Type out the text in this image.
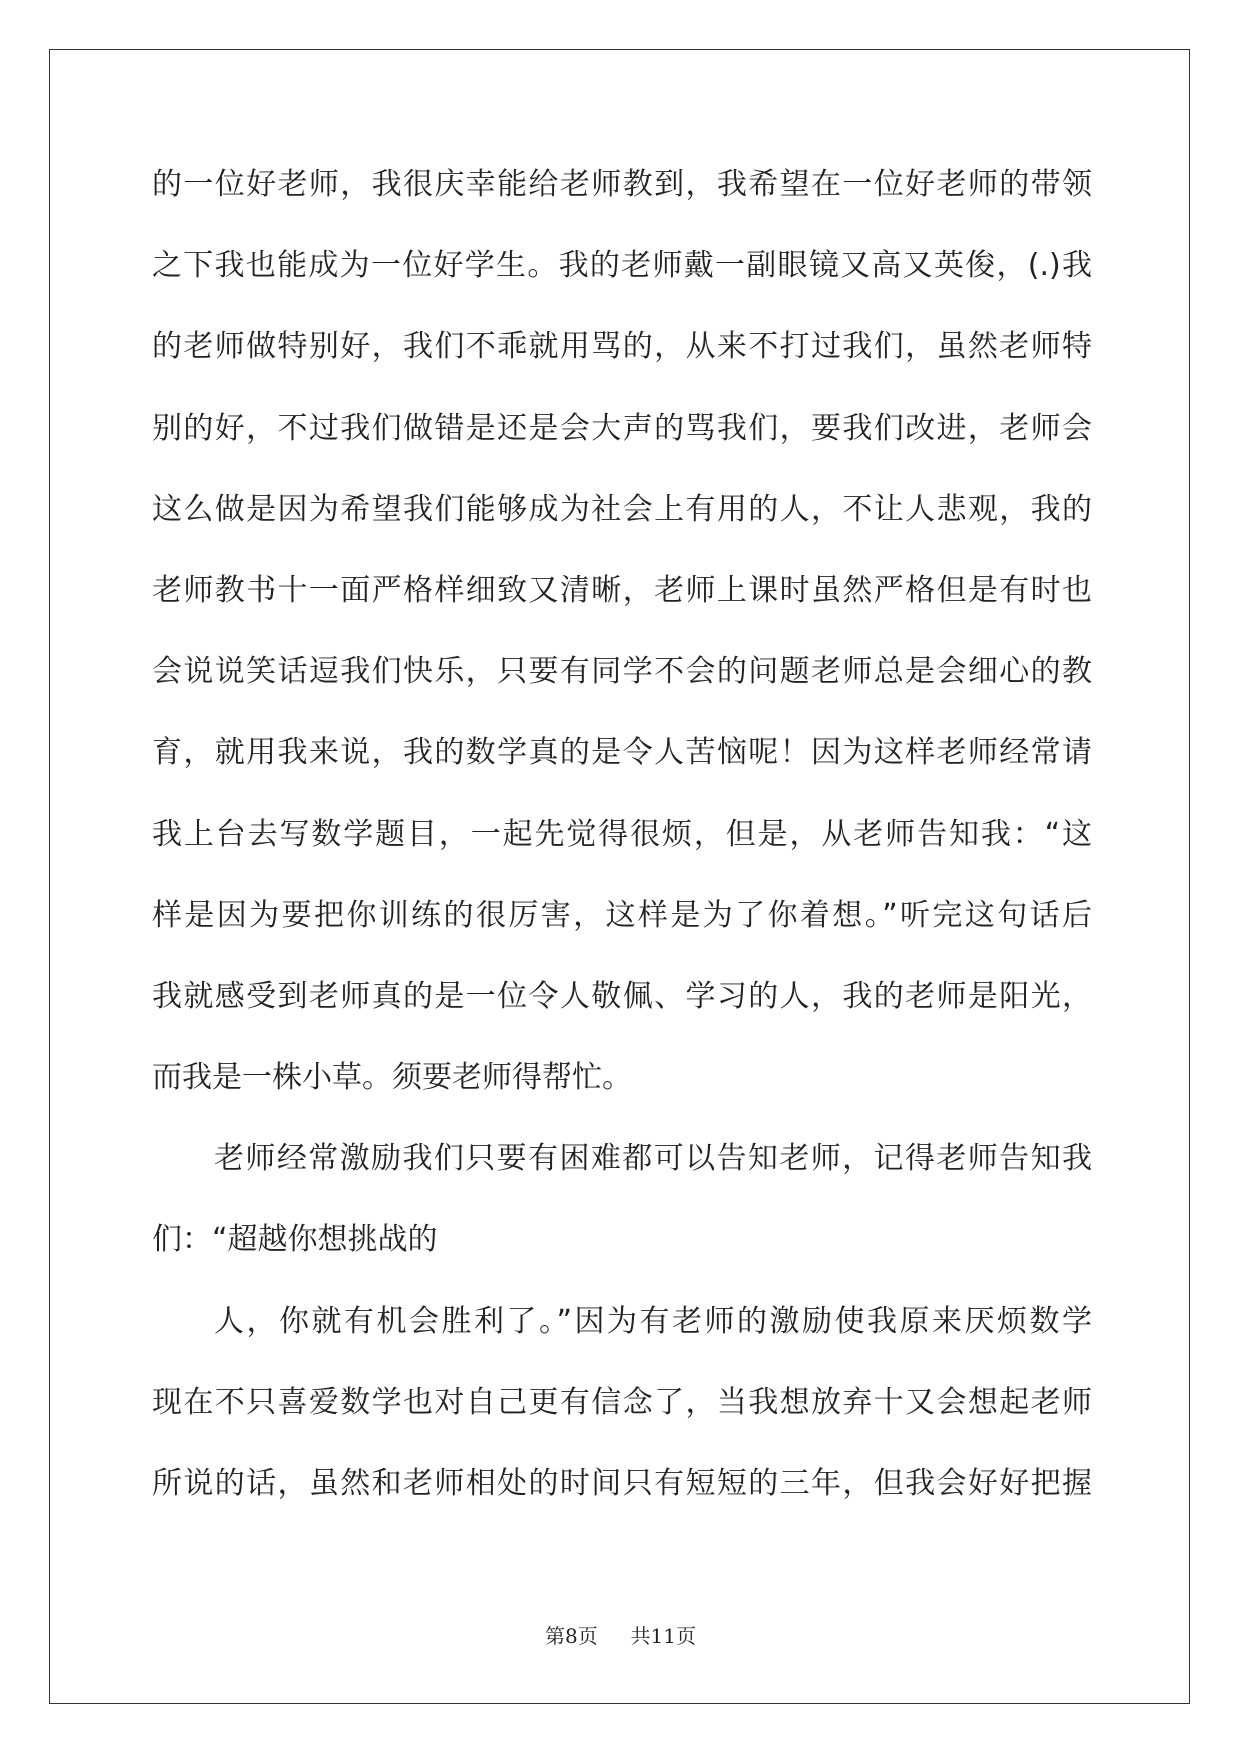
的一位好老师，我很庆幸能给老师教到，我希望在一位好老师的带领
之下我也能成为一位好学生。我的老师戴一副眼镜又高又英俊，(.)我
的老师做特别好，我们不乖就用骂的，从来不打过我们，虽然老师特
别的好，不过我们做错是还是会大声的骂我们，要我们改进，老师会
这么做是因为希望我们能够成为社会上有用的人，不让人悲观，我的
老师教书十一面严格样细致又清晰，老师上课时虽然严格但是有时也
会说说笑话逗我们快乐，只要有同学不会的问题老师总是会细心的教
育，就用我来说，我的数学真的是令人苦恼呢！因为这样老师经常请
我上台去写数学题目，一起先觉得很烦，但是，从老师告知我：“这
样是因为要把你训练的很厉害，这样是为了你着想。”听完这句话后
我就感受到老师真的是一位令人敬佩、学习的人，我的老师是阳光，
而我是一株小草。须要老师得帮忙。
老师经常激励我们只要有困难都可以告知老师，记得老师告知我
们：“超越你想挑战的
人，你就有机会胜利了。”因为有老师的激励使我原来厌烦数学
现在不只喜爱数学也对自己更有信念了，当我想放弃十又会想起老师
所说的话，虽然和老师相处的时间只有短短的三年，但我会好好把握
第8页 共11页
